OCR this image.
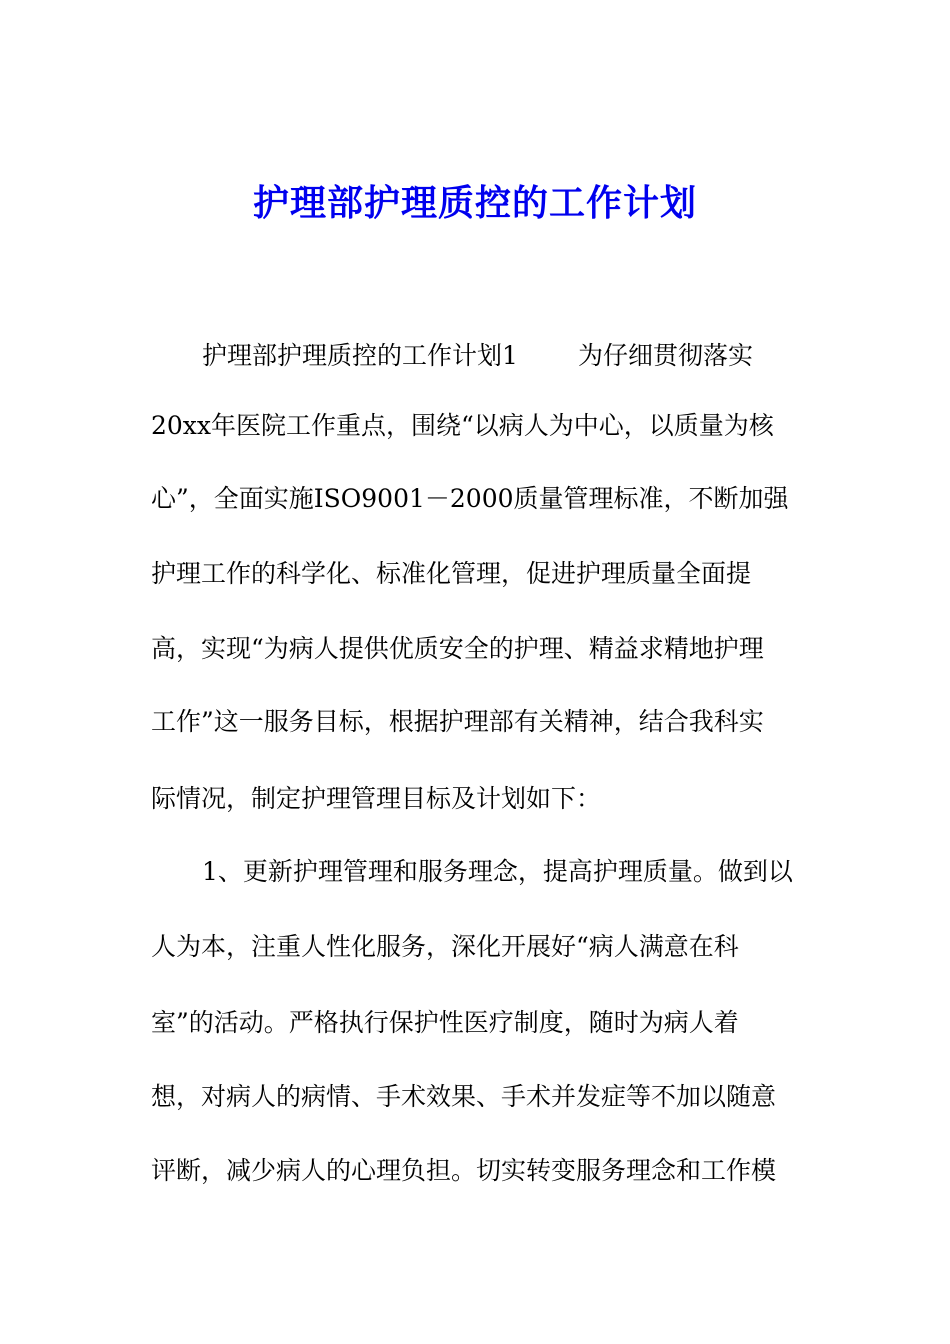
护理部护理质控的工作计划
护理部护理质控的工作计划1 为仔细贯彻落实
20xx年医院工作重点，围绕“以病人为中心，以质量为核
心”，全面实施ISO9001－2000质量管理标准，不断加强
护理工作的科学化、标准化管理，促进护理质量全面提
高，实现“为病人提供优质安全的护理、精益求精地护理
工作”这一服务目标，根据护理部有关精神，结合我科实
际情况，制定护理管理目标及计划如下：
1、更新护理管理和服务理念，提高护理质量。做到以
人为本，注重人性化服务，深化开展好“病人满意在科
室”的活动。严格执行保护性医疗制度，随时为病人着
想，对病人的病情、手术效果、手术并发症等不加以随意
评断，减少病人的心理负担。切实转变服务理念和工作模
